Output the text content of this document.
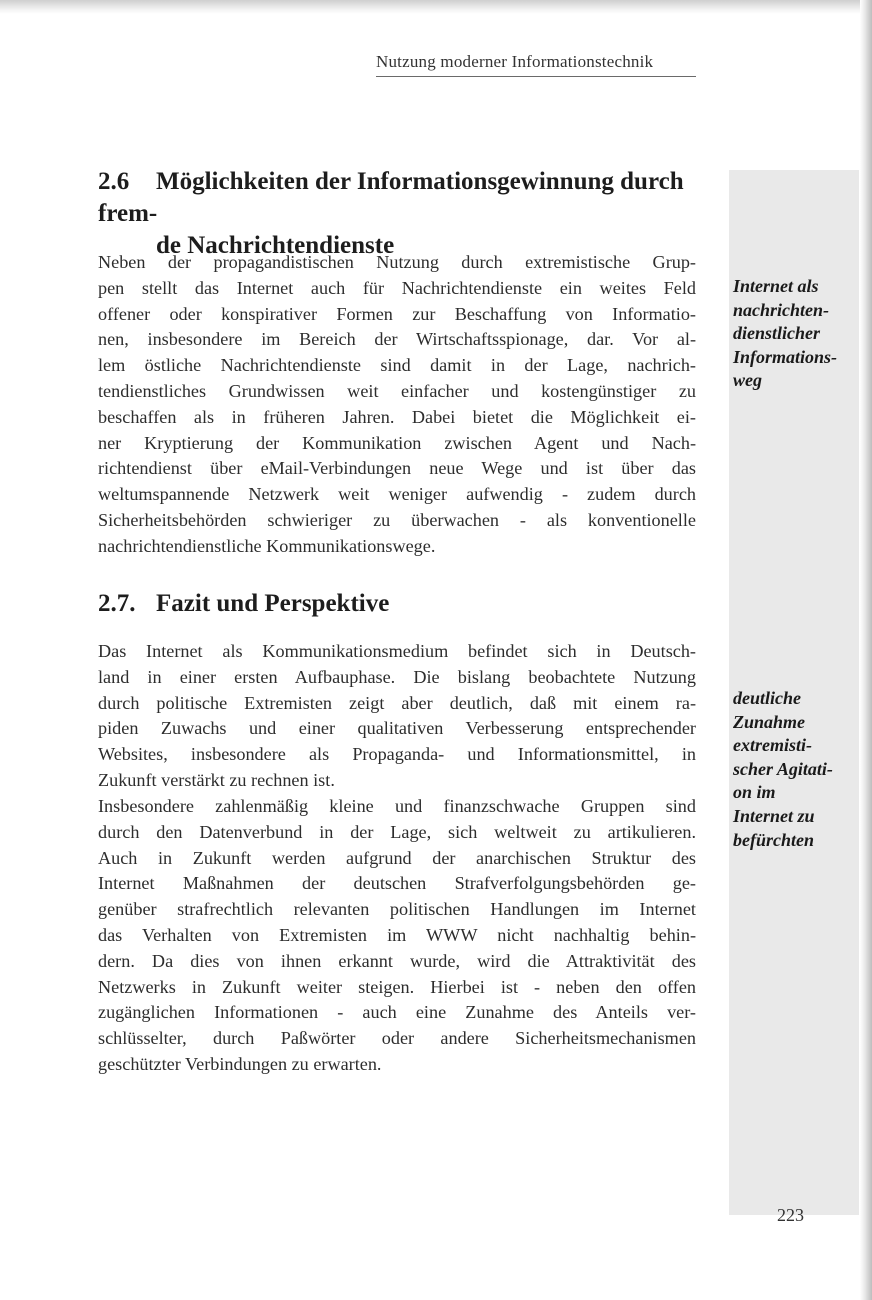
Nutzung moderner Informationstechnik
2.6 Möglichkeiten der Informationsgewinnung durch frem-
de Nachrichtendienste
Neben der propagandistischen Nutzung durch extremistische Grup-
pen stellt das Internet auch für Nachrichtendienste ein weites Feld
offener oder konspirativer Formen zur Beschaffung von Informatio-
nen, insbesondere im Bereich der Wirtschaftsspionage, dar. Vor al-
lem östliche Nachrichtendienste sind damit in der Lage, nachrich-
tendienstliches Grundwissen weit einfacher und kostengünstiger zu
beschaffen als in früheren Jahren. Dabei bietet die Möglichkeit ei-
ner Kryptierung der Kommunikation zwischen Agent und Nach-
richtendienst über eMail-Verbindungen neue Wege und ist über das
weltumspannende Netzwerk weit weniger aufwendig - zudem durch
Sicherheitsbehörden schwieriger zu überwachen - als konventionelle
nachrichtendienstliche Kommunikationswege.
Internet als
nachrichten-
dienstlicher
Informations-
weg
2.7. Fazit und Perspektive
Das Internet als Kommunikationsmedium befindet sich in Deutsch-
land in einer ersten Aufbauphase. Die bislang beobachtete Nutzung
durch politische Extremisten zeigt aber deutlich, daß mit einem ra-
piden Zuwachs und einer qualitativen Verbesserung entsprechender
Websites, insbesondere als Propaganda- und Informationsmittel, in
Zukunft verstärkt zu rechnen ist.
Insbesondere zahlenmäßig kleine und finanzschwache Gruppen sind
durch den Datenverbund in der Lage, sich weltweit zu artikulieren.
Auch in Zukunft werden aufgrund der anarchischen Struktur des
Internet Maßnahmen der deutschen Strafverfolgungsbehörden ge-
genüber strafrechtlich relevanten politischen Handlungen im Internet
das Verhalten von Extremisten im WWW nicht nachhaltig behin-
dern. Da dies von ihnen erkannt wurde, wird die Attraktivität des
Netzwerks in Zukunft weiter steigen. Hierbei ist - neben den offen
zugänglichen Informationen - auch eine Zunahme des Anteils ver-
schlüsselter, durch Paßwörter oder andere Sicherheitsmechanismen
geschützter Verbindungen zu erwarten.
deutliche
Zunahme
extremisti-
scher Agitati-
on im
Internet zu
befürchten
223
